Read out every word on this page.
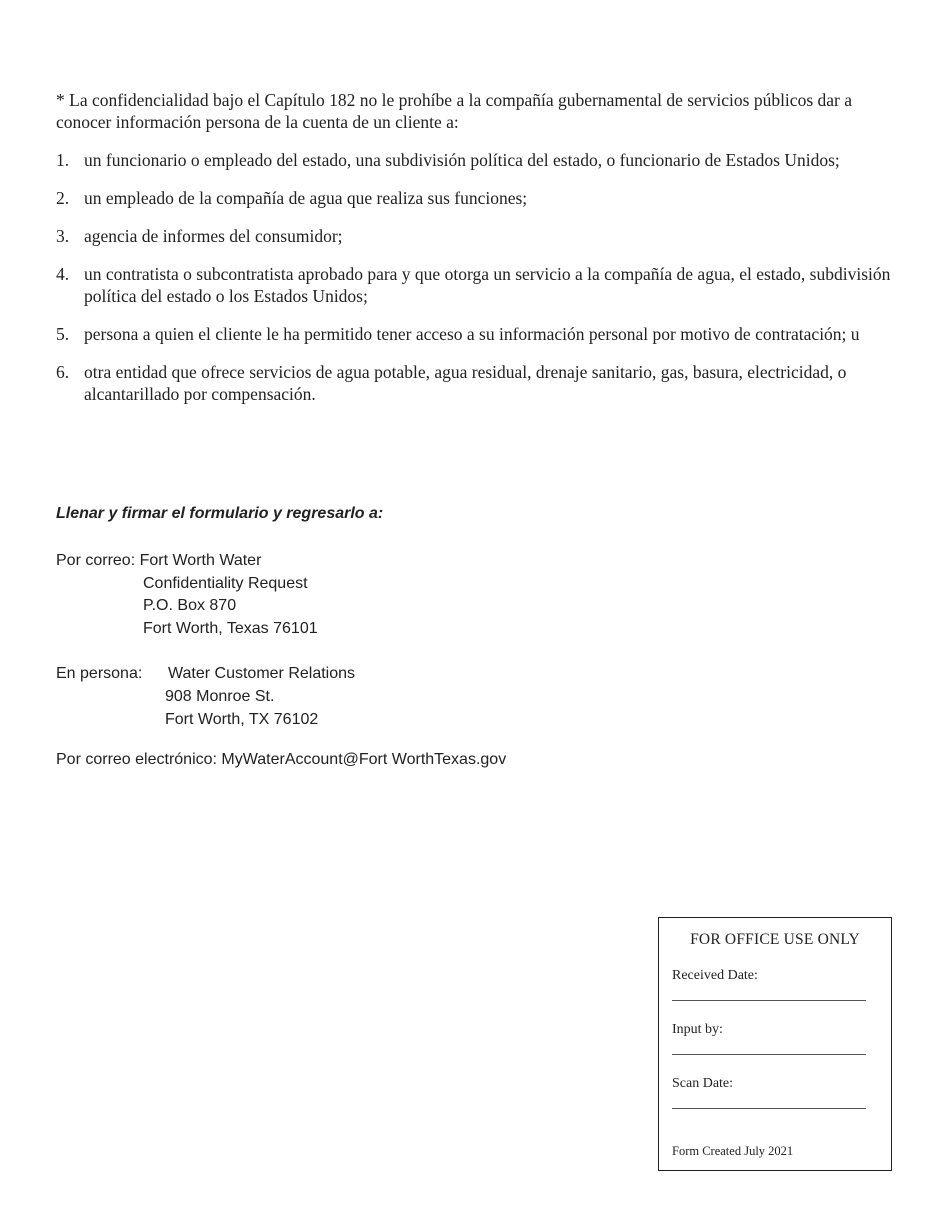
* La confidencialidad bajo el Capítulo 182 no le prohíbe a la compañía gubernamental de servicios públicos dar a conocer información persona de la cuenta de un cliente a:

1. un funcionario o empleado del estado, una subdivisión política del estado, o funcionario de Estados Unidos;
2. un empleado de la compañía de agua que realiza sus funciones;
3. agencia de informes del consumidor;
4. un contratista o subcontratista aprobado para y que otorga un servicio a la compañía de agua, el estado, subdivisión política del estado o los Estados Unidos;
5. persona a quien el cliente le ha permitido tener acceso a su información personal por motivo de contratación; u
6. otra entidad que ofrece servicios de agua potable, agua residual, drenaje sanitario, gas, basura, electricidad, o alcantarillado por compensación.

Llenar y firmar el formulario y regresarlo a:

Por correo: Fort Worth Water
Confidentiality Request
P.O. Box 870
Fort Worth, Texas 76101
En persona: Water Customer Relations
908 Monroe St.
Fort Worth, TX 76102
Por correo electrónico: MyWaterAccount@Fort WorthTexas.gov
FOR OFFICE USE ONLY
Received Date:
Input by:
Scan Date:
Form Created July 2021
